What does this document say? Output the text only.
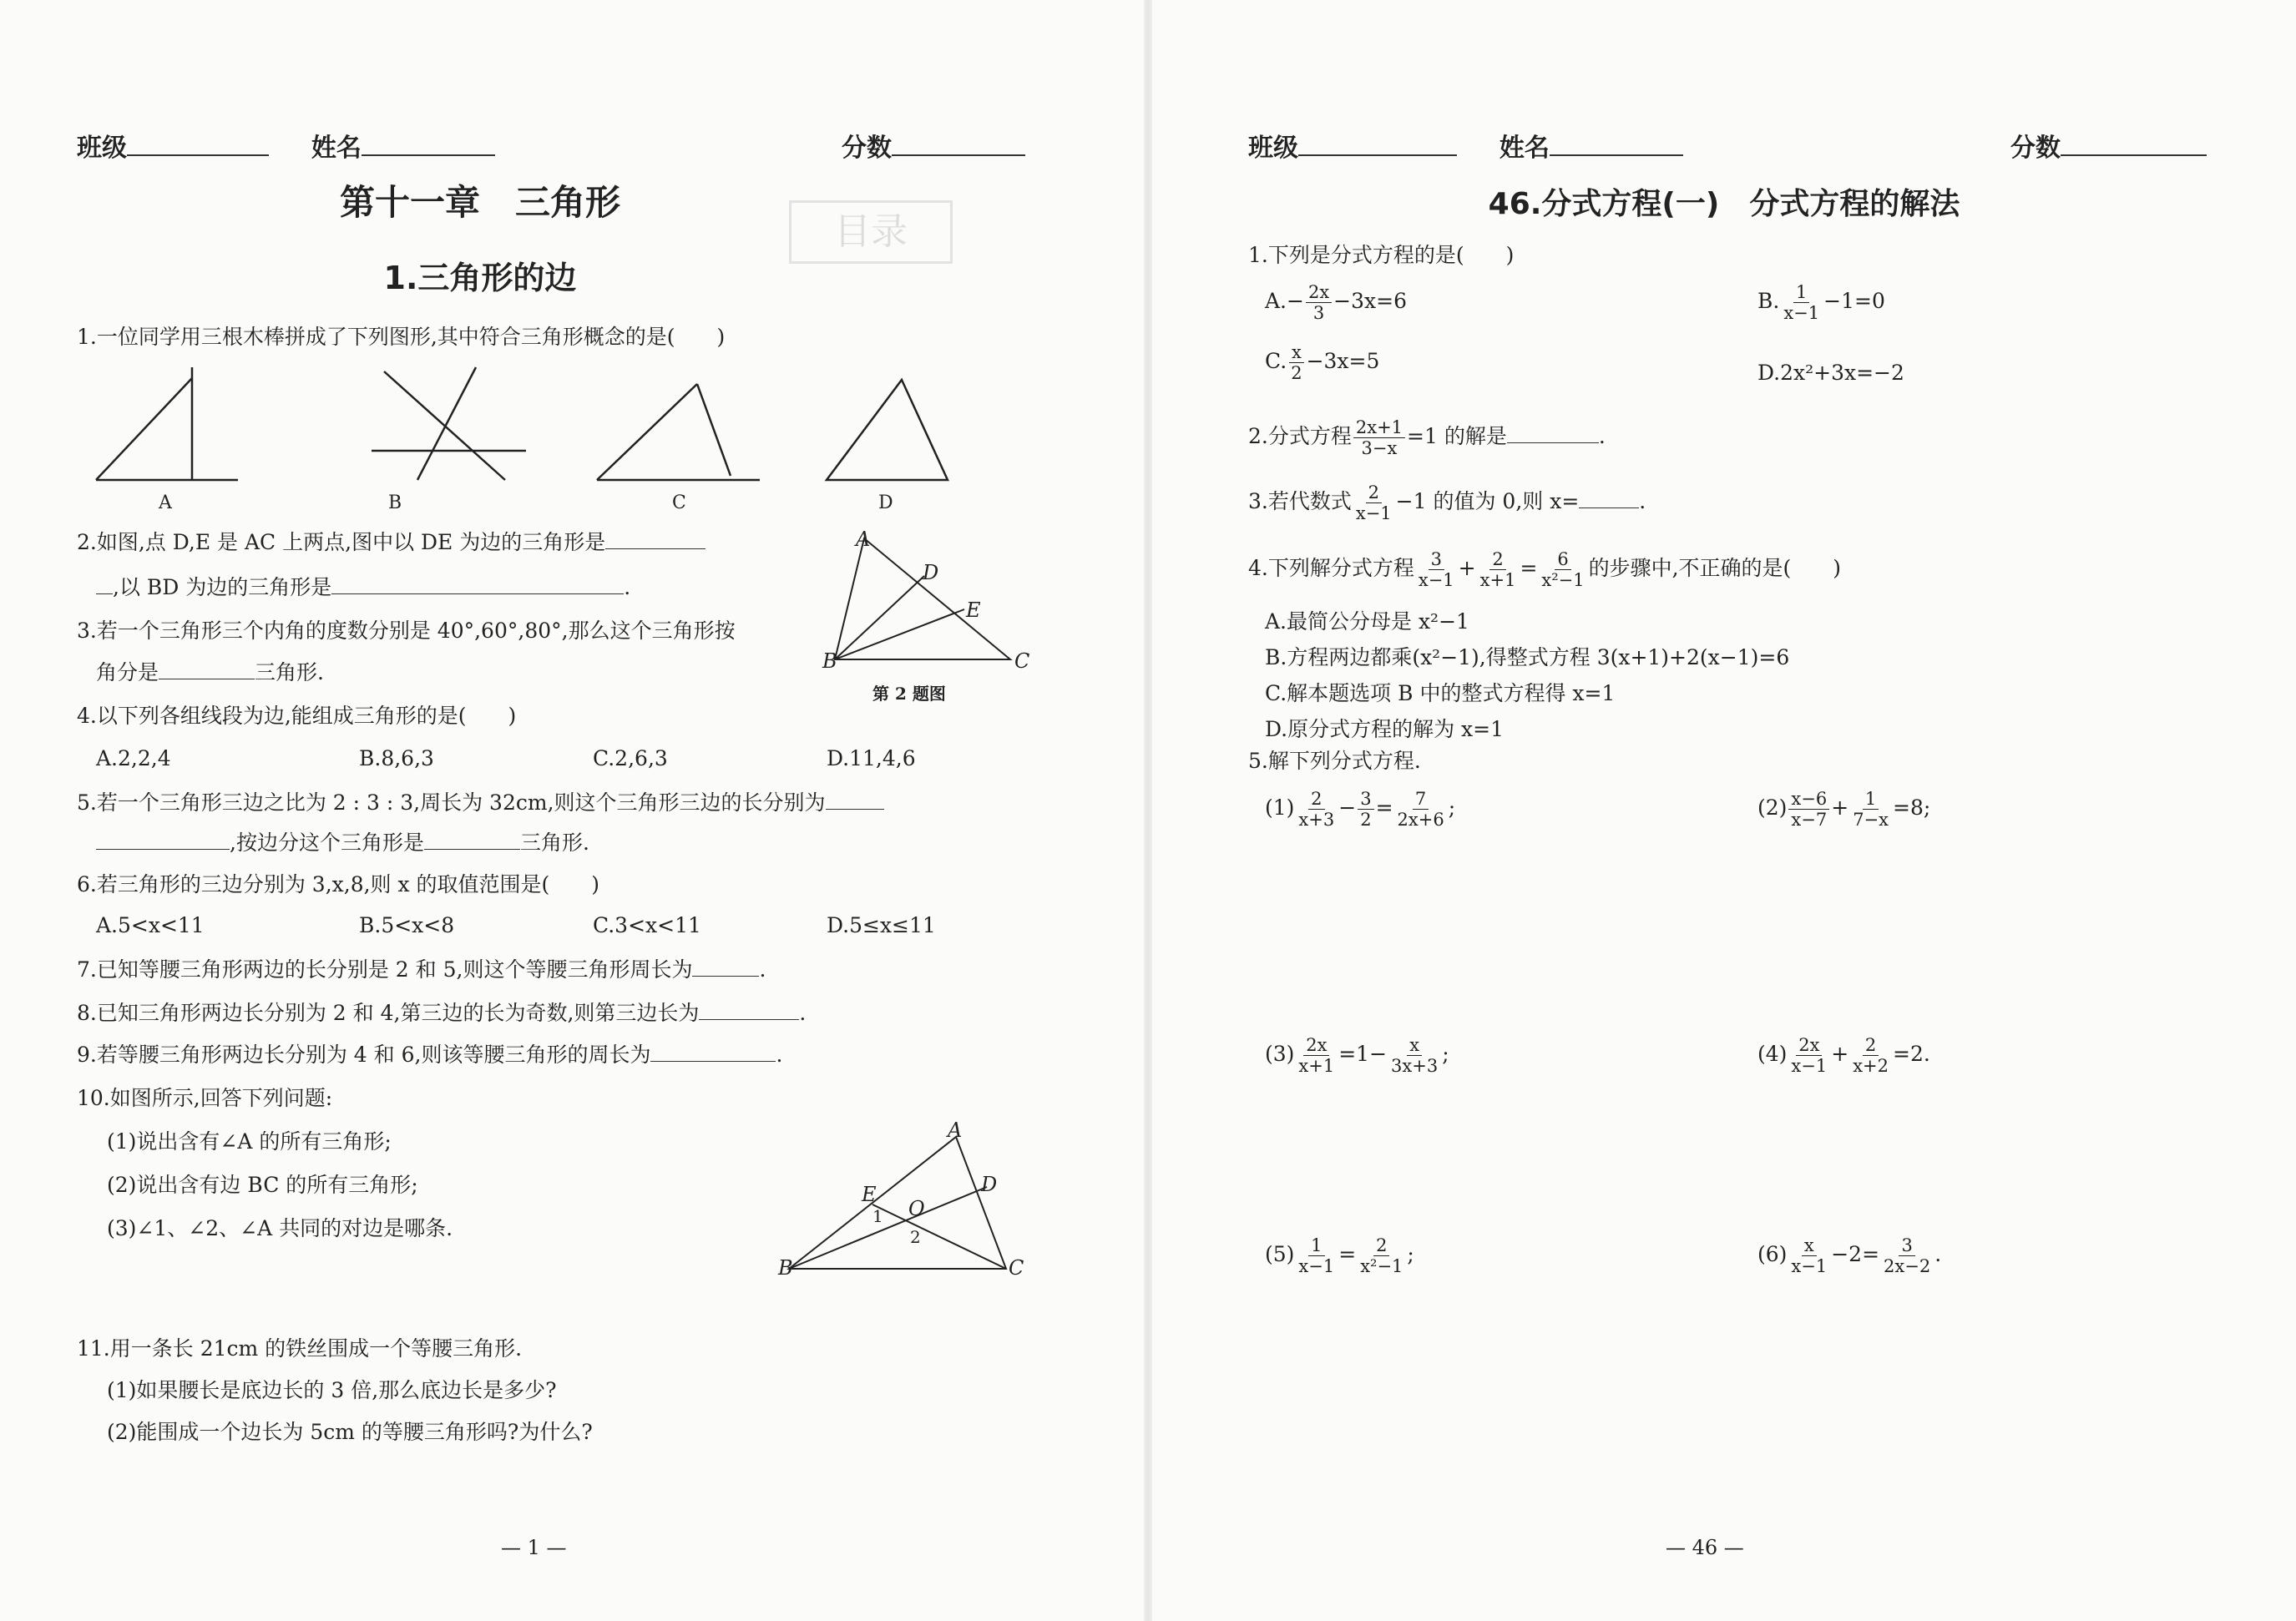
目录
班级	姓名	分数
第十一章　三角形
1.三角形的边
1.一位同学用三根木棒拼成了下列图形,其中符合三角形概念的是(　　)
A	B	C	D
2.如图,点 D,E 是 AC 上两点,图中以 DE 为边的三角形是
,以 BD 为边的三角形是	.
A
D
E
B	C
第 2 题图
3.若一个三角形三个内角的度数分别是 40°,60°,80°,那么这个三角形按
角分是	三角形.
4.以下列各组线段为边,能组成三角形的是(　　)
A.2,2,4	B.8,6,3	C.2,6,3	D.11,4,6
5.若一个三角形三边之比为 2 : 3 : 3,周长为 32cm,则这个三角形三边的长分别为
,按边分这个三角形是	三角形.
6.若三角形的三边分别为 3,x,8,则 x 的取值范围是(　　)
A.5<x<11	B.5<x<8	C.3<x<11	D.5≤x≤11
7.已知等腰三角形两边的长分别是 2 和 5,则这个等腰三角形周长为	.
8.已知三角形两边长分别为 2 和 4,第三边的长为奇数,则第三边长为	.
9.若等腰三角形两边长分别为 4 和 6,则该等腰三角形的周长为	.
10.如图所示,回答下列问题:
(1)说出含有∠A 的所有三角形;
(2)说出含有边 BC 的所有三角形;
(3)∠1、∠2、∠A 共同的对边是哪条.
A
D
E
O
1
2
B	C
11.用一条长 21cm 的铁丝围成一个等腰三角形.
(1)如果腰长是底边长的 3 倍,那么底边长是多少?
(2)能围成一个边长为 5cm 的等腰三角形吗?为什么?
— 1 —
班级	姓名	分数
46.分式方程(一)　分式方程的解法
1.下列是分式方程的是(　　)
$A.- \frac{2x}{3} -3x=6$	B. $\frac{1}{x-1} -1=0$
C. $\frac{x}{2} -3x=5$	D.2x²+3x=−2
2.分式方程 $\frac{2x+1}{3-x} =1$ 的解是	.
3.若代数式 $\frac{2}{x-1} -1$ 的值为 0,则 x=	.
4.下列解分式方程 $\frac{3}{x-1} + \frac{2}{x+1} = \frac{6}{\text{x²−1}}$ 的步骤中,不正确的是(　　)
A.最简公分母是 x²−1
B.方程两边都乘(x²−1),得整式方程 3(x+1)+2(x−1)=6
C.解本题选项 B 中的整式方程得 x=1
D.原分式方程的解为 x=1
5.解下列分式方程.
$(1) \frac{2}{x+3} - \frac{3}{2} = \frac{7}{2x+6}$ ;	$(2) \frac{x-6}{x-7} + \frac{1}{7-x} =8$;
$(3) \frac{2x}{x+1} =1- \frac{x}{3x+3}$ ;	$(4) \frac{2x}{x-1} + \frac{2}{x+2} =2$.
$(5) \frac{1}{x-1} = \frac{2}{\text{x²−1}}$ ;	$(6) \frac{x}{x-1} -2= \frac{3}{2x-2}$ .
— 46 —
